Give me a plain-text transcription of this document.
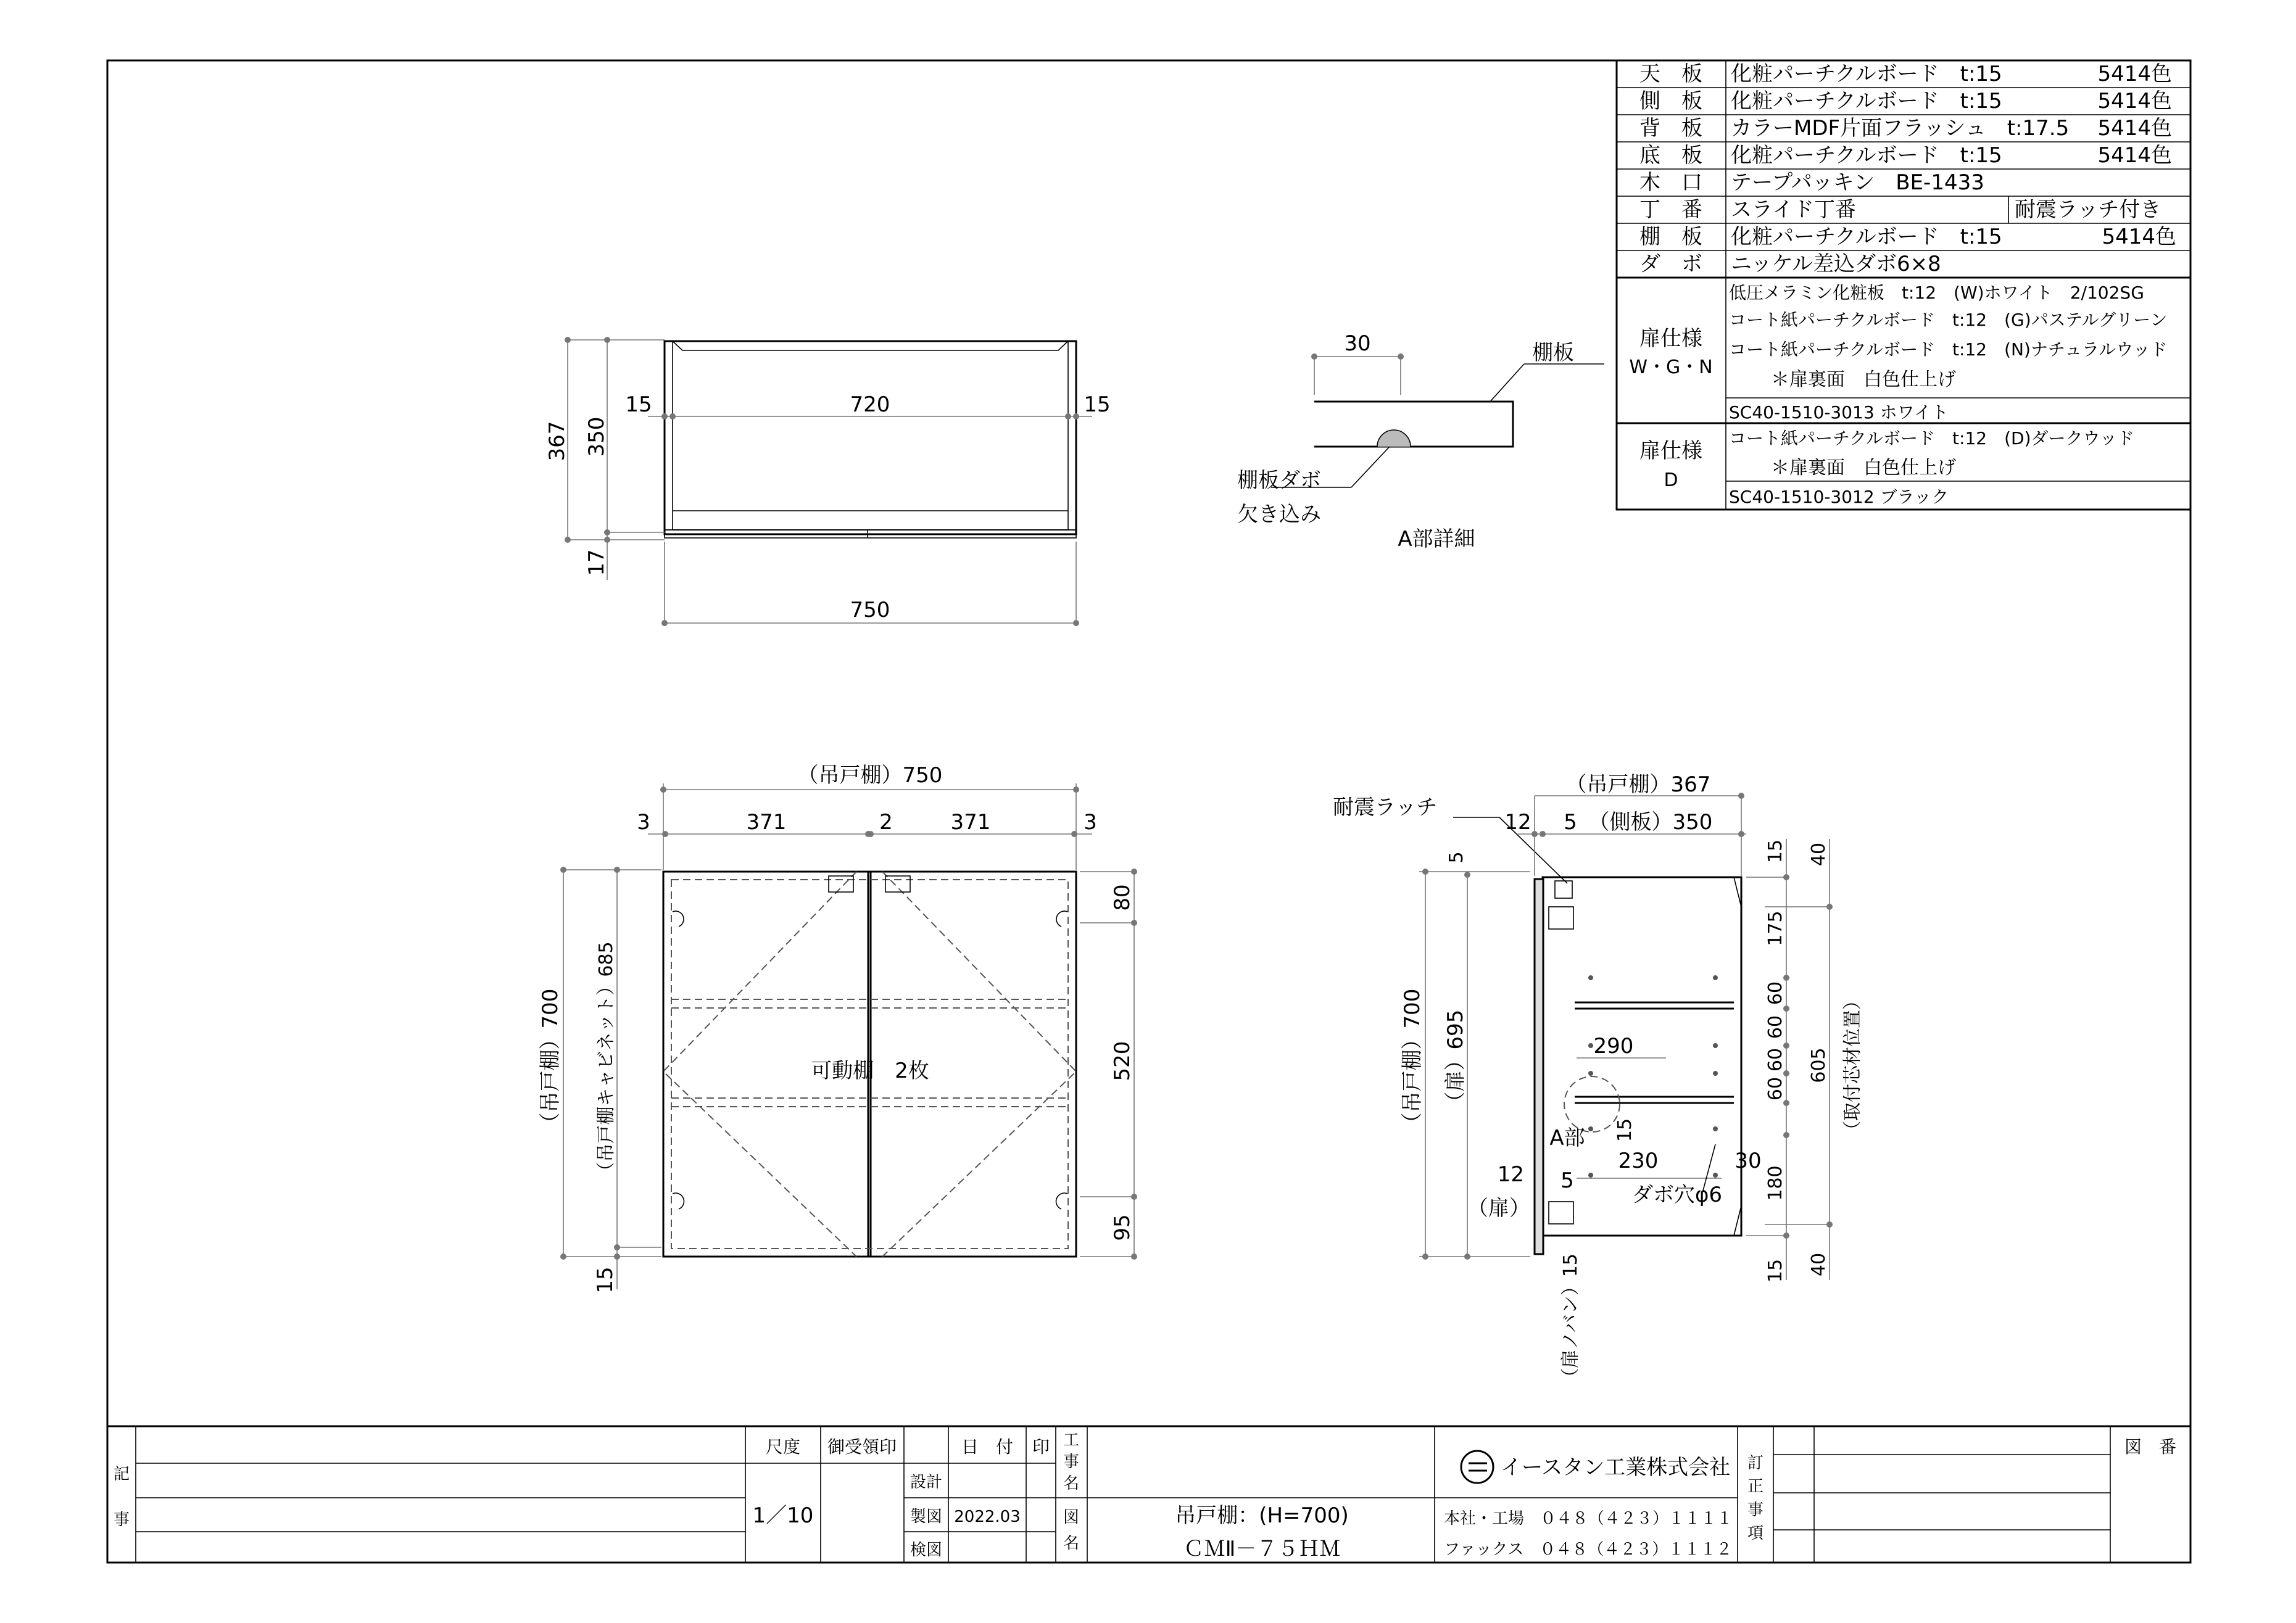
天　板 化粧パーチクルボード　t:15	5414色
側　板 化粧パーチクルボード　t:15	5414色
背　板 カラーMDF片面フラッシュ　t:17.5 5414色
底　板 化粧パーチクルボード　t:15	5414色
木　口 テープパッキン　BE-1433
丁　番 スライド丁番	耐震ラッチ付き
棚　板 化粧パーチクルボード　t:15	5414色
ダ　ボ ニッケル差込ダボ6×8
扉仕様
W・G・N
低圧メラミン化粧板　t:12　(W)ホワイト　2/102SG
コート紙パーチクルボード　t:12　(G)パステルグリーン
コート紙パーチクルボード　t:12　(N)ナチュラルウッド
　＊扉裏面　白色仕上げ
SC40-1510-3013 ホワイト
扉仕様
D
コート紙パーチクルボード　t:12　(D)ダークウッド
　＊扉裏面　白色仕上げ
SC40-1510-3012 ブラック
367 350
17
15	720	15
750
30	棚板
棚板ダボ
欠き込み
A部詳細
可動棚　2枚
（吊戸棚）750
3	371	2	371	3
（吊戸棚）700 （吊戸棚キャビネット）685
15
80
520
95
290
230	30
15
A部
ダボ穴φ6
12 5
（扉）
（扉ノバン）15
耐震ラッチ
（吊戸棚）367
12 5 （側板）350
（吊戸棚）700 （扉）695
5	15
175
60
60
60
60
180
15
40
605 （取付芯材位置）
40
記
事
尺度
1／10
御受領印	日　付 印
設計
製図 2022.03
検図
工
事
名
図
名
吊戸棚：(H=700)
ＣＭⅡ－７５ＨＭ
イースタン工業株式会社
本社・工場　０４８（４２３）１１１１
ファックス　０４８（４２３）１１１２
訂
正
事
項
図　番
